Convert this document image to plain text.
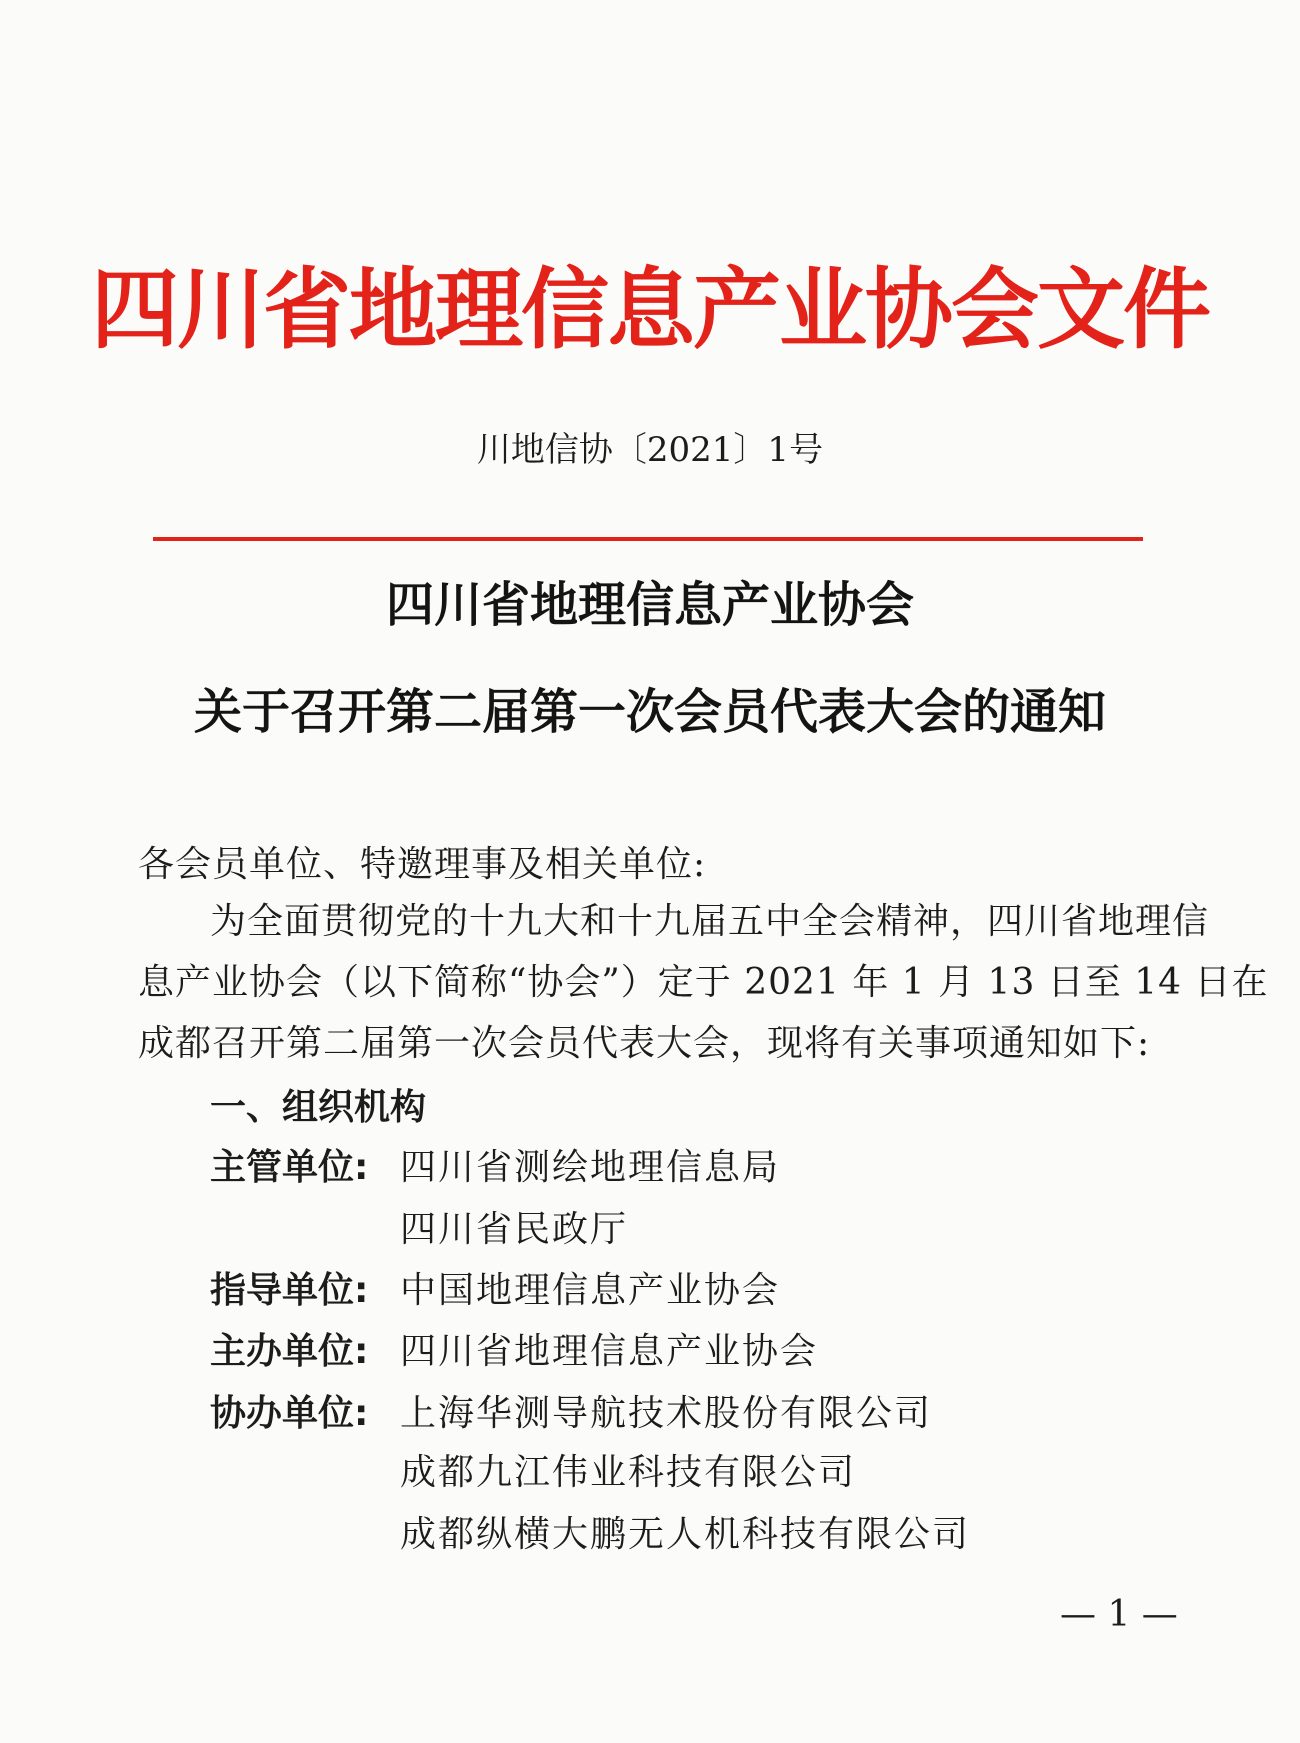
四川省地理信息产业协会文件
川地信协〔2021〕1号
四川省地理信息产业协会
关于召开第二届第一次会员代表大会的通知
各会员单位、特邀理事及相关单位:
为全面贯彻党的十九大和十九届五中全会精神，四川省地理信
息产业协会（以下简称“协会”）定于 2021 年 1 月 13 日至 14 日在
成都召开第二届第一次会员代表大会，现将有关事项通知如下:
一、组织机构
主管单位: 四川省测绘地理信息局
四川省民政厅
指导单位: 中国地理信息产业协会
主办单位: 四川省地理信息产业协会
协办单位: 上海华测导航技术股份有限公司
成都九江伟业科技有限公司
成都纵横大鹏无人机科技有限公司
— 1 —
